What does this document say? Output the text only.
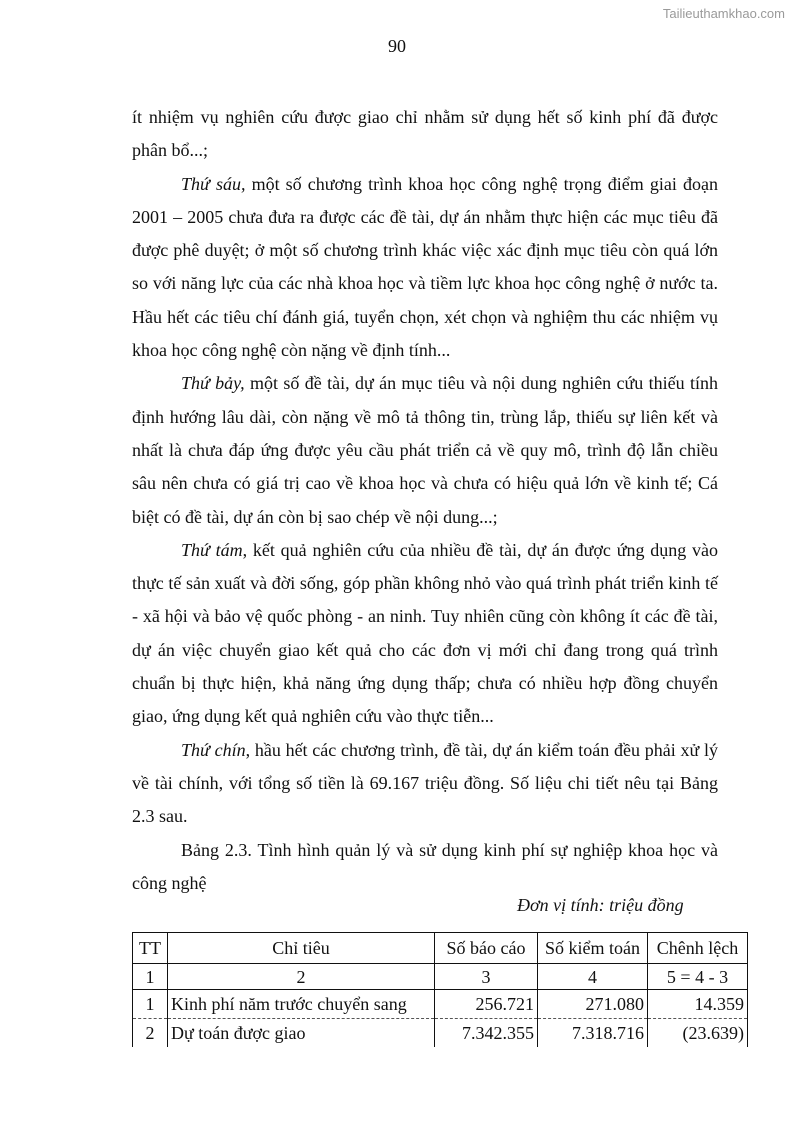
Tailieuthamkhao.com
90

ít nhiệm vụ nghiên cứu được giao chỉ nhằm sử dụng hết số kinh phí đã được phân bổ...;

Thứ sáu, một số chương trình khoa học công nghệ trọng điểm giai đoạn 2001 – 2005 chưa đưa ra được các đề tài, dự án nhằm thực hiện các mục tiêu đã được phê duyệt; ở một số chương trình khác việc xác định mục tiêu còn quá lớn so với năng lực của các nhà khoa học và tiềm lực khoa học công nghệ ở nước ta. Hầu hết các tiêu chí đánh giá, tuyển chọn, xét chọn và nghiệm thu các nhiệm vụ khoa học công nghệ còn nặng về định tính...

Thứ bảy, một số đề tài, dự án mục tiêu và nội dung nghiên cứu thiếu tính định hướng lâu dài, còn nặng về mô tả thông tin, trùng lắp, thiếu sự liên kết và nhất là chưa đáp ứng được yêu cầu phát triển cả về quy mô, trình độ lẫn chiều sâu nên chưa có giá trị cao về khoa học và chưa có hiệu quả lớn về kinh tế; Cá biệt có đề tài, dự án còn bị sao chép về nội dung...;

Thứ tám, kết quả nghiên cứu của nhiều đề tài, dự án được ứng dụng vào thực tế sản xuất và đời sống, góp phần không nhỏ vào quá trình phát triển kinh tế - xã hội và bảo vệ quốc phòng - an ninh. Tuy nhiên cũng còn không ít các đề tài, dự án việc chuyển giao kết quả cho các đơn vị mới chỉ đang trong quá trình chuẩn bị thực hiện, khả năng ứng dụng thấp; chưa có nhiều hợp đồng chuyển giao, ứng dụng kết quả nghiên cứu vào thực tiễn...

Thứ chín, hầu hết các chương trình, đề tài, dự án kiểm toán đều phải xử lý về tài chính, với tổng số tiền là 69.167 triệu đồng. Số liệu chi tiết nêu tại Bảng 2.3 sau.

Bảng 2.3. Tình hình quản lý và sử dụng kinh phí sự nghiệp khoa học và công nghệ

Đơn vị tính: triệu đồng
TT	Chỉ tiêu	Số báo cáo	Số kiểm toán	Chênh lệch
1	2	3	4	5 = 4 - 3
1	Kinh phí năm trước chuyển sang	256.721	271.080	14.359
2	Dự toán được giao	7.342.355	7.318.716	(23.639)
